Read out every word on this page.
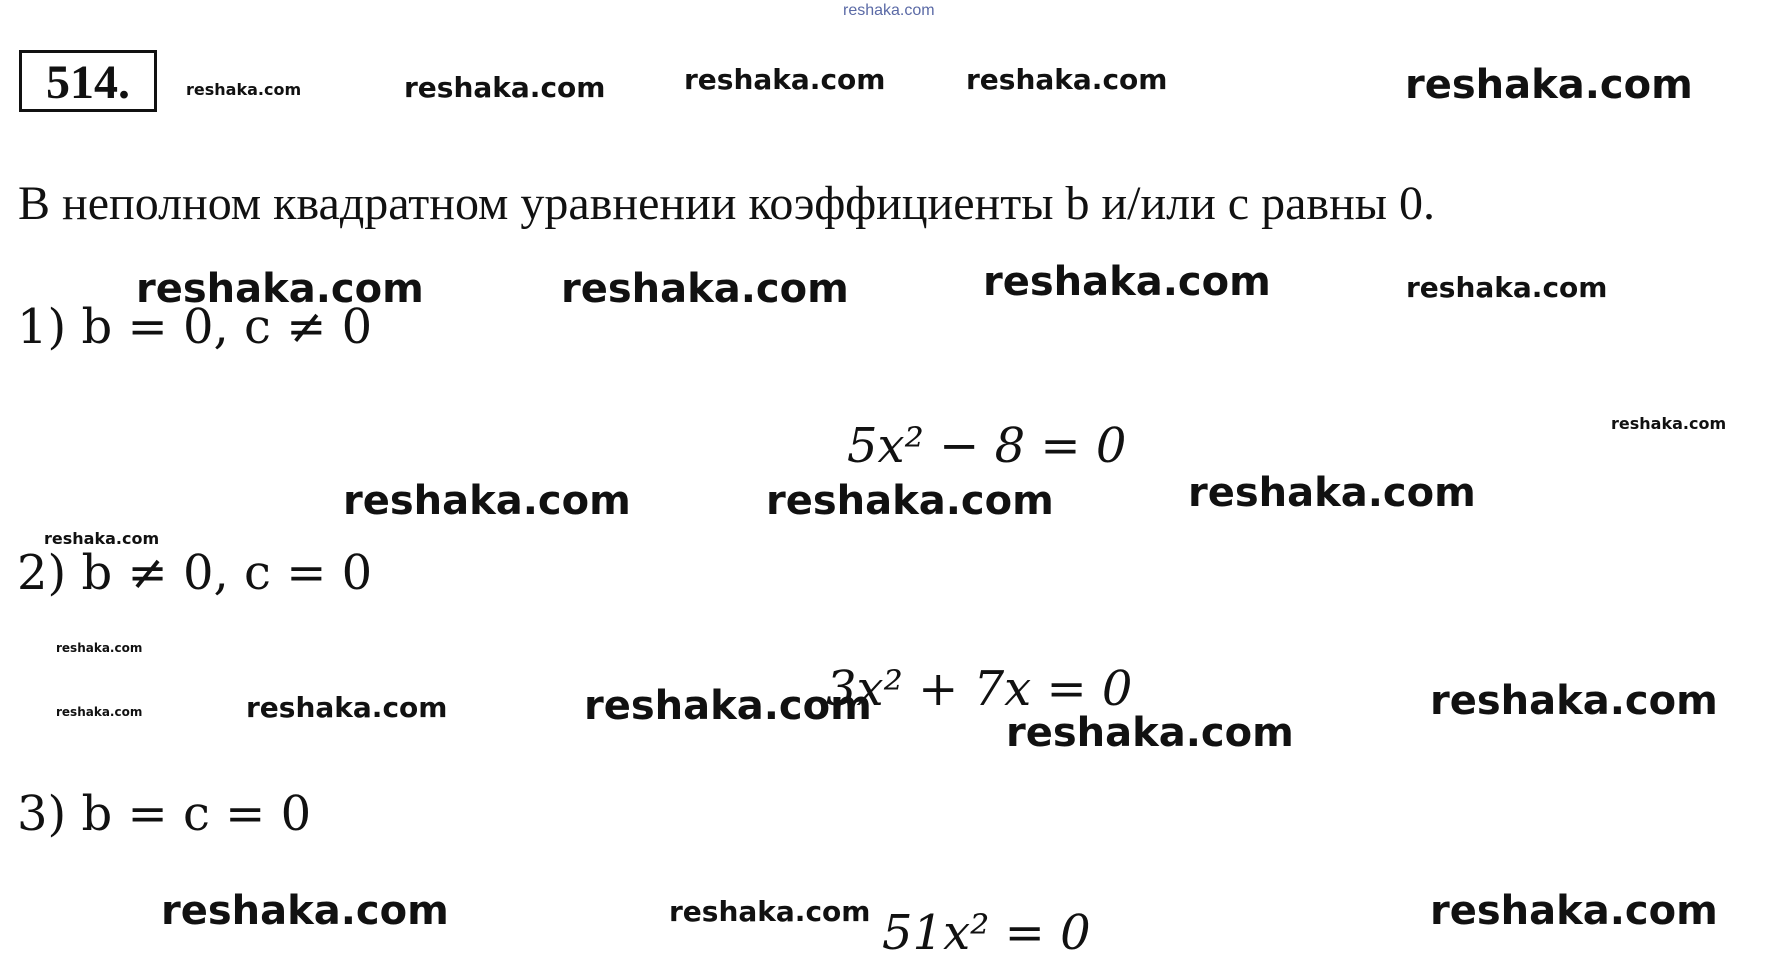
reshaka.com
514.
В неполном квадратном уравнении коэффициенты b и/или c равны 0.
1) b = 0, c ≠ 0
2) b ≠ 0, c = 0
3) b = c = 0
5x² − 8 = 0
3x² + 7x = 0
51x² = 0
reshaka.com	reshaka.com	reshaka.com	reshaka.com	reshaka.com
reshaka.com	reshaka.com	reshaka.com	reshaka.com
reshaka.com
reshaka.com	reshaka.com	reshaka.com
reshaka.com
reshaka.com
reshaka.com	reshaka.com	reshaka.com
reshaka.com
reshaka.com
reshaka.com	reshaka.com	reshaka.com
